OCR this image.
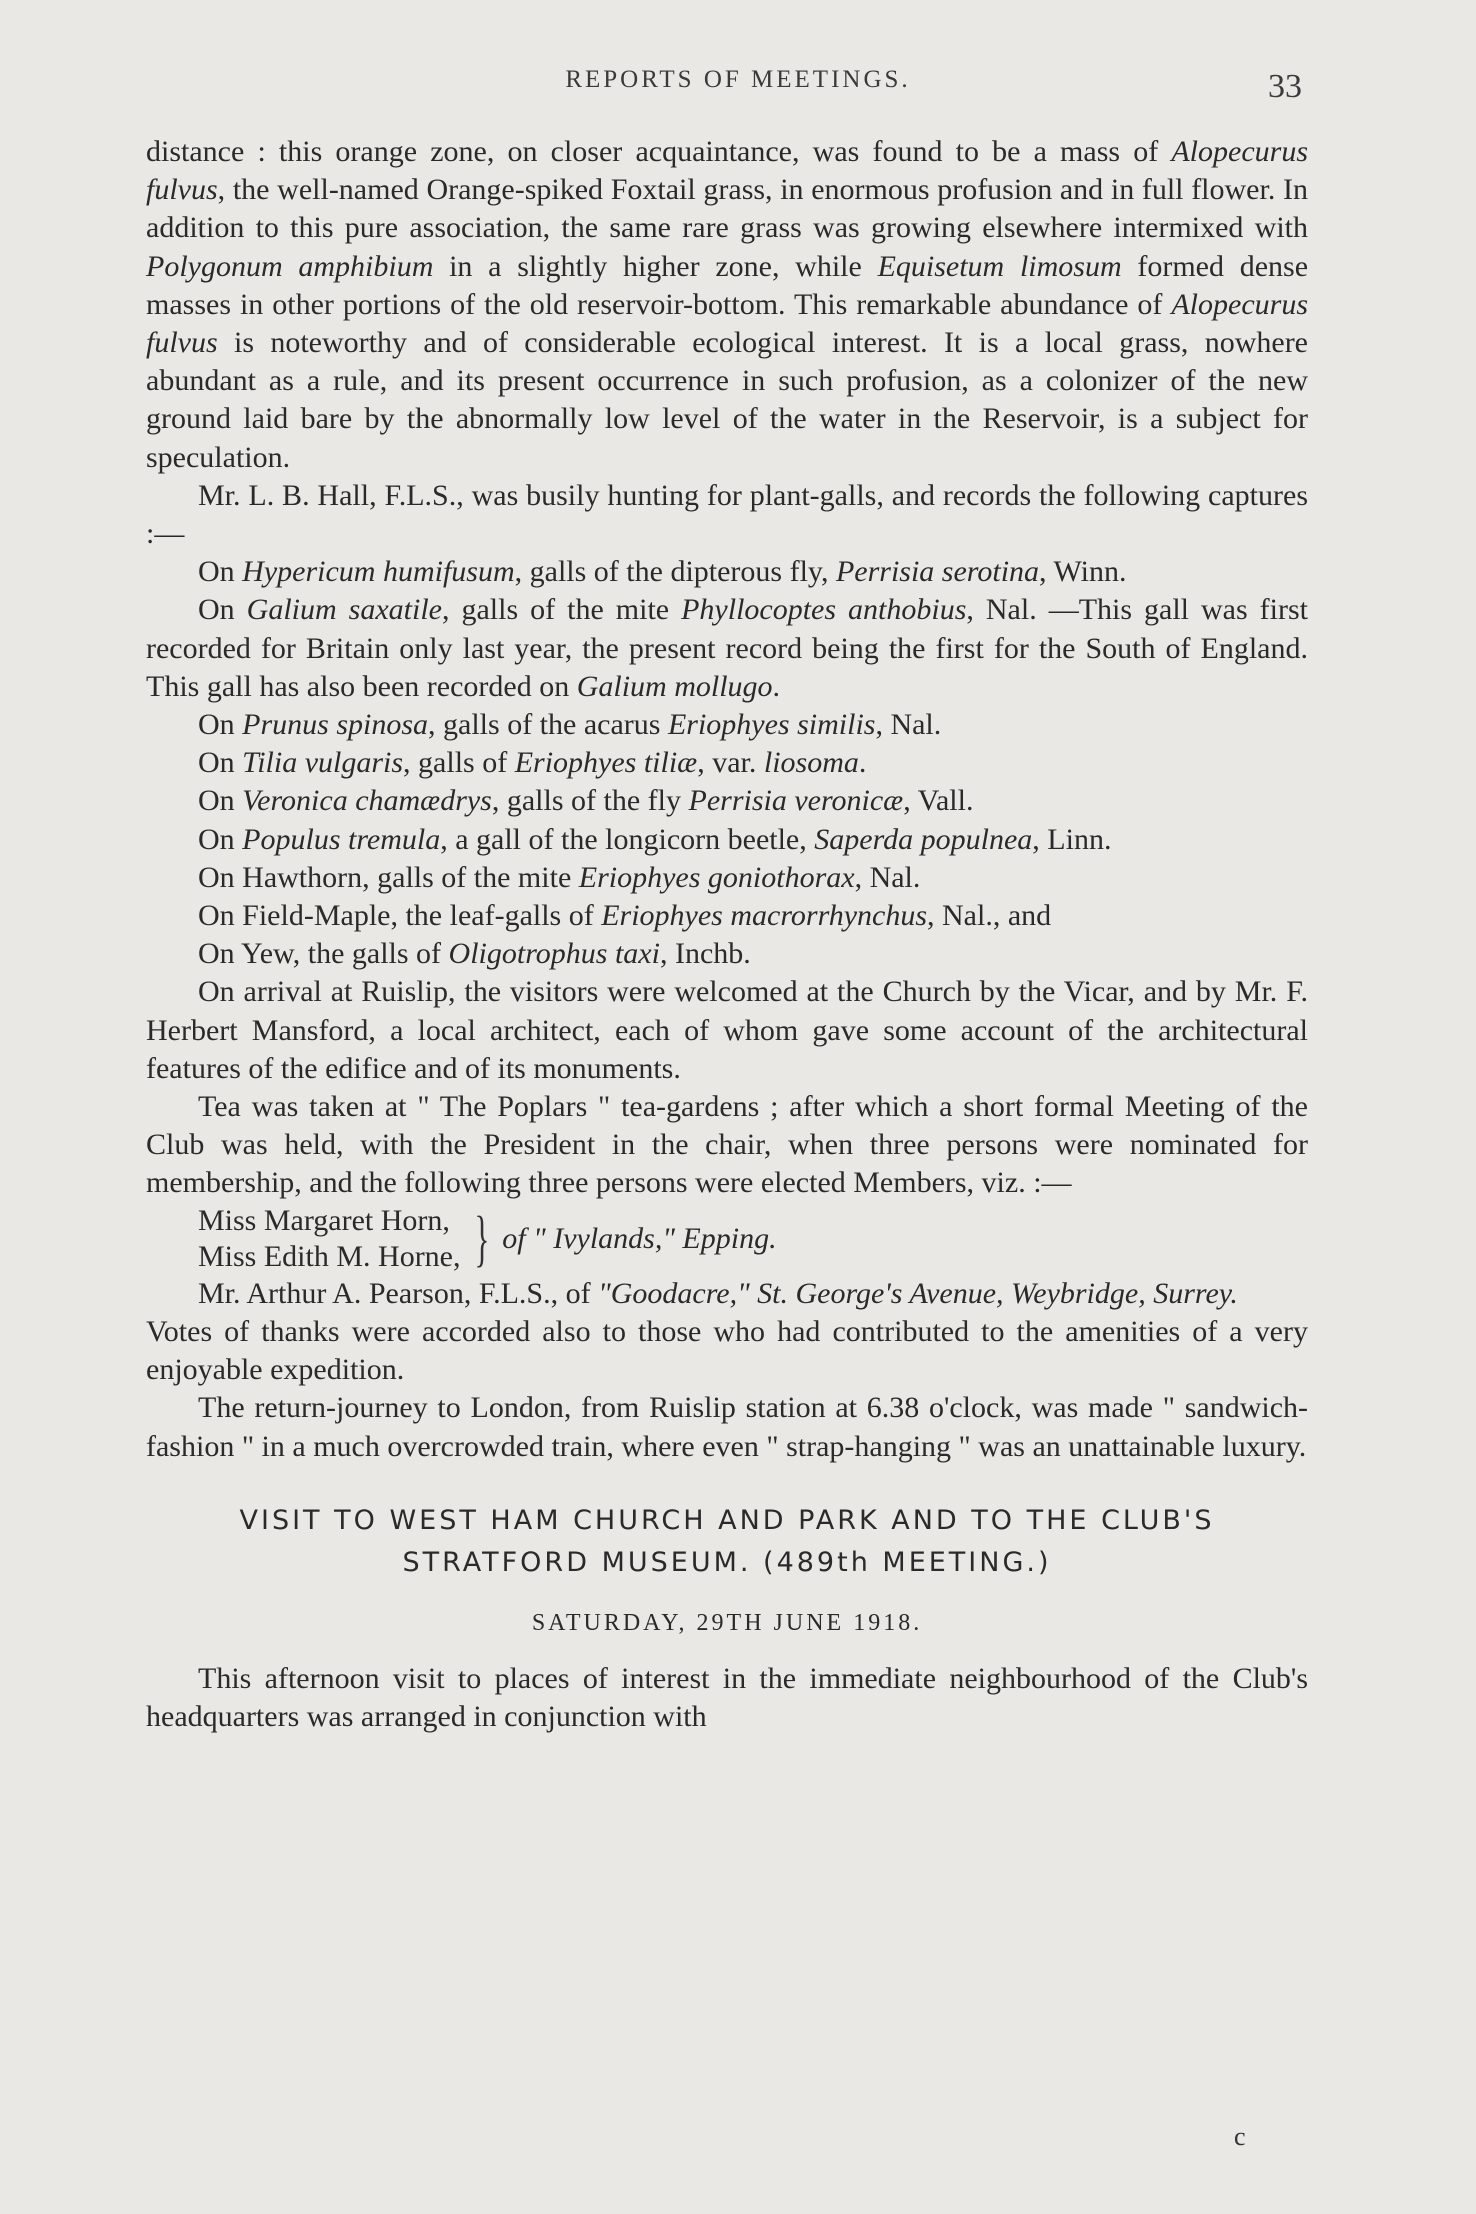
REPORTS OF MEETINGS.	33

distance : this orange zone, on closer acquaintance, was found to be a mass of Alopecurus fulvus, the well-named Orange-spiked Foxtail grass, in enormous profusion and in full flower. In addition to this pure association, the same rare grass was growing elsewhere intermixed with Polygonum amphibium in a slightly higher zone, while Equisetum limosum formed dense masses in other portions of the old reservoir-bottom. This remarkable abundance of Alopecurus fulvus is noteworthy and of considerable ecological interest. It is a local grass, nowhere abundant as a rule, and its present occurrence in such profusion, as a colonizer of the new ground laid bare by the abnormally low level of the water in the Reservoir, is a subject for speculation.

Mr. L. B. Hall, F.L.S., was busily hunting for plant-galls, and records the following captures :—

On Hypericum humifusum, galls of the dipterous fly, Perrisia serotina, Winn.

On Galium saxatile, galls of the mite Phyllocoptes anthobius, Nal. —This gall was first recorded for Britain only last year, the present record being the first for the South of England. This gall has also been recorded on Galium mollugo.

On Prunus spinosa, galls of the acarus Eriophyes similis, Nal.

On Tilia vulgaris, galls of Eriophyes tiliæ, var. liosoma.

On Veronica chamædrys, galls of the fly Perrisia veronicæ, Vall.

On Populus tremula, a gall of the longicorn beetle, Saperda populnea, Linn.

On Hawthorn, galls of the mite Eriophyes goniothorax, Nal.

On Field-Maple, the leaf-galls of Eriophyes macrorrhynchus, Nal., and

On Yew, the galls of Oligotrophus taxi, Inchb.

On arrival at Ruislip, the visitors were welcomed at the Church by the Vicar, and by Mr. F. Herbert Mansford, a local architect, each of whom gave some account of the architectural features of the edifice and of its monuments.

Tea was taken at " The Poplars " tea-gardens ; after which a short formal Meeting of the Club was held, with the President in the chair, when three persons were nominated for membership, and the following three persons were elected Members, viz. :—

Miss Margaret Horn,
Miss Edith M. Horne, } of " Ivylands," Epping.

Mr. Arthur A. Pearson, F.L.S., of "Goodacre," St. George's Avenue, Weybridge, Surrey.

Votes of thanks were accorded also to those who had contributed to the amenities of a very enjoyable expedition.

The return-journey to London, from Ruislip station at 6.38 o'clock, was made " sandwich-fashion " in a much overcrowded train, where even " strap-hanging " was an unattainable luxury.

VISIT TO WEST HAM CHURCH AND PARK AND TO THE CLUB'S STRATFORD MUSEUM. (489th MEETING.)

SATURDAY, 29TH JUNE 1918.

This afternoon visit to places of interest in the immediate neighbourhood of the Club's headquarters was arranged in conjunction with

c
